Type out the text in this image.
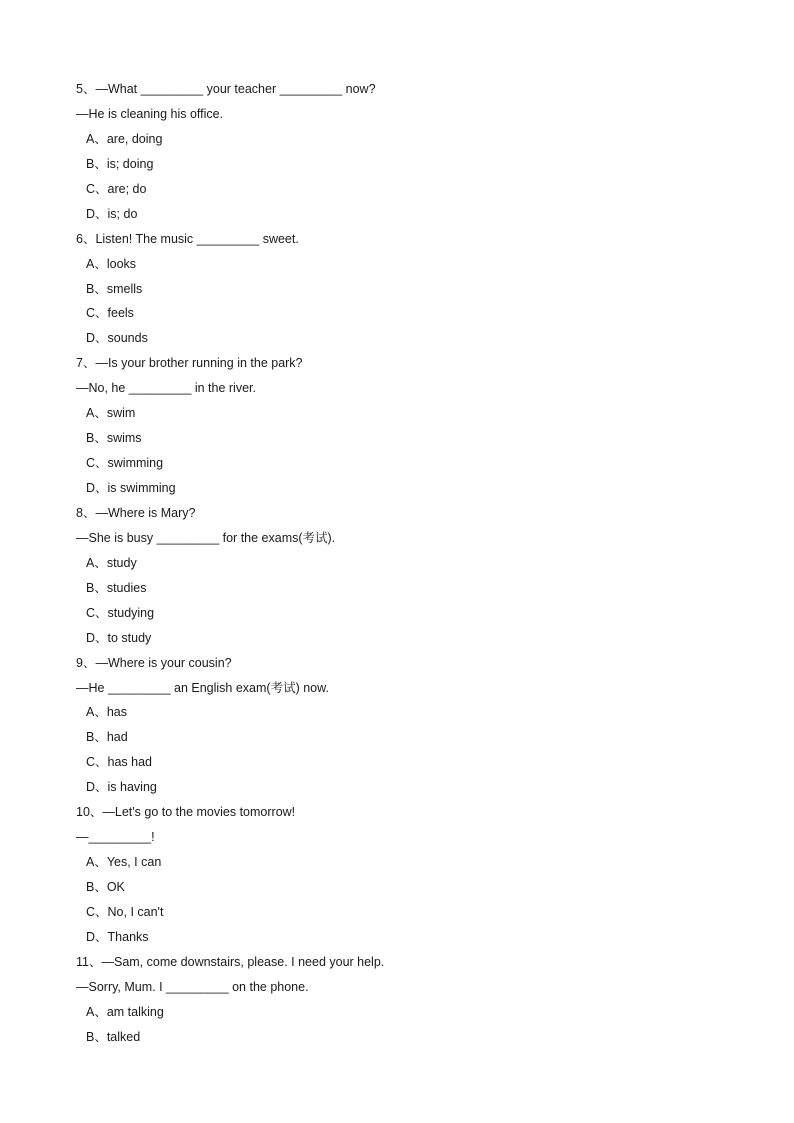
5、—What _________ your teacher _________ now?
—He is cleaning his office.
A、are, doing
B、is; doing
C、are; do
D、is; do
6、Listen! The music _________ sweet.
A、looks
B、smells
C、feels
D、sounds
7、—Is your brother running in the park?
—No, he _________ in the river.
A、swim
B、swims
C、swimming
D、is swimming
8、—Where is Mary?
—She is busy _________ for the exams(考试).
A、study
B、studies
C、studying
D、to study
9、—Where is your cousin?
—He _________ an English exam(考试) now.
A、has
B、had
C、has had
D、is having
10、—Let's go to the movies tomorrow!
—_________!
A、Yes, I can
B、OK
C、No, I can't
D、Thanks
11、—Sam, come downstairs, please. I need your help.
—Sorry, Mum. I _________ on the phone.
A、am talking
B、talked
